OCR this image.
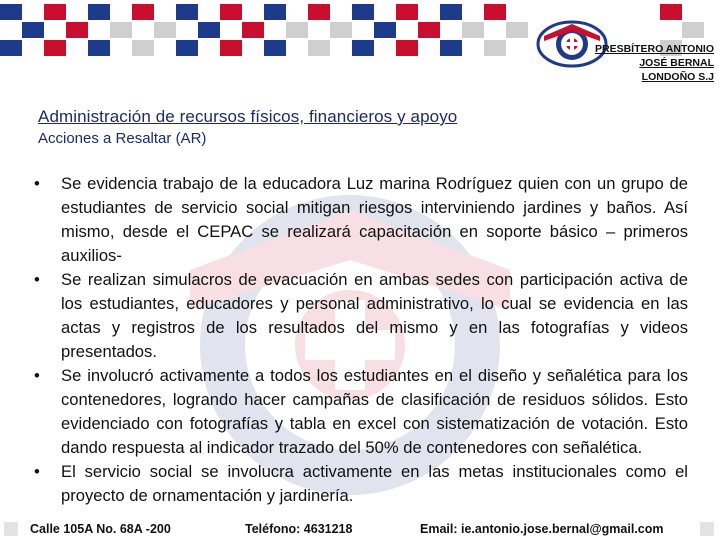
PRESBÍTERO ANTONIO
JOSÉ BERNAL
LONDOÑO S.J
Administración de recursos físicos, financieros y apoyo
Acciones a Resaltar (AR)
• Se evidencia trabajo de la educadora Luz marina Rodríguez quien con un grupo de estudiantes de servicio social mitigan riesgos interviniendo jardines y baños. Así mismo, desde el CEPAC se realizará capacitación en soporte básico – primeros auxilios-
• Se realizan simulacros de evacuación en ambas sedes con participación activa de los estudiantes, educadores y personal administrativo, lo cual se evidencia en las actas y registros de los resultados del mismo y en las fotografías y videos presentados.
• Se involucró activamente a todos los estudiantes en el diseño y señalética para los contenedores, logrando hacer campañas de clasificación de residuos sólidos. Esto evidenciado con fotografías y tabla en excel con sistematización de votación. Esto dando respuesta al indicador trazado del 50% de contenedores con señalética.
• El servicio social se involucra activamente en las metas institucionales como el proyecto de ornamentación y jardinería.
Calle 105A No. 68A -200	Teléfono: 4631218	Email: ie.antonio.jose.bernal@gmail.com
